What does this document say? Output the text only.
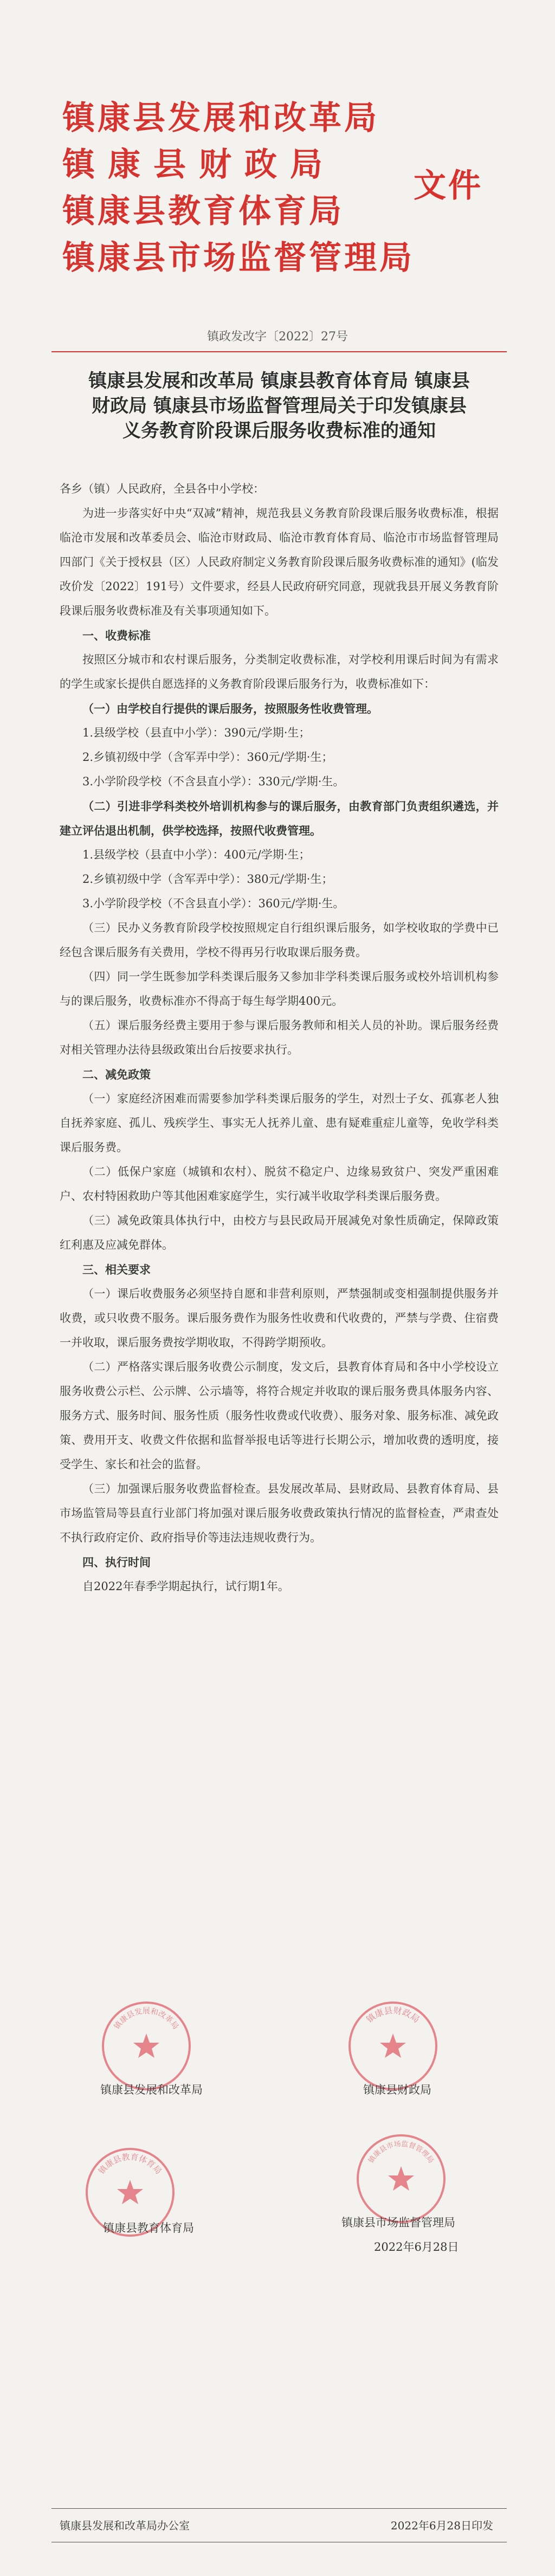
镇康县发展和改革局
镇康县财政局
镇康县教育体育局
镇康县市场监督管理局
文件
镇政发改字〔2022〕27号
镇康县发展和改革局 镇康县教育体育局 镇康县
财政局 镇康县市场监督管理局关于印发镇康县
义务教育阶段课后服务收费标准的通知

各乡（镇）人民政府，全县各中小学校：

为进一步落实好中央“双减”精神，规范我县义务教育阶段课后服务收费标准，根据临沧市发展和改革委员会、临沧市财政局、临沧市教育体育局、临沧市市场监督管理局四部门《关于授权县（区）人民政府制定义务教育阶段课后服务收费标准的通知》(临发改价发〔2022〕191号）文件要求，经县人民政府研究同意，现就我县开展义务教育阶段课后服务收费标准及有关事项通知如下。

一、收费标准

按照区分城市和农村课后服务，分类制定收费标准，对学校利用课后时间为有需求的学生或家长提供自愿选择的义务教育阶段课后服务行为，收费标准如下：

（一）由学校自行提供的课后服务，按照服务性收费管理。

1.县级学校（县直中小学）：390元/学期·生；

2.乡镇初级中学（含军弄中学）：360元/学期·生；

3.小学阶段学校（不含县直小学）：330元/学期·生。

（二）引进非学科类校外培训机构参与的课后服务，由教育部门负责组织遴选，并建立评估退出机制，供学校选择，按照代收费管理。

1.县级学校（县直中小学）：400元/学期·生；

2.乡镇初级中学（含军弄中学）：380元/学期·生；

3.小学阶段学校（不含县直小学）：360元/学期·生。

（三）民办义务教育阶段学校按照规定自行组织课后服务，如学校收取的学费中已经包含课后服务有关费用，学校不得再另行收取课后服务费。

（四）同一学生既参加学科类课后服务又参加非学科类课后服务或校外培训机构参与的课后服务，收费标准亦不得高于每生每学期400元。

（五）课后服务经费主要用于参与课后服务教师和相关人员的补助。课后服务经费对相关管理办法待县级政策出台后按要求执行。

二、减免政策

（一）家庭经济困难而需要参加学科类课后服务的学生，对烈士子女、孤寡老人独自抚养家庭、孤儿、残疾学生、事实无人抚养儿童、患有疑难重症儿童等，免收学科类课后服务费。

（二）低保户家庭（城镇和农村）、脱贫不稳定户、边缘易致贫户、突发严重困难户、农村特困救助户等其他困难家庭学生，实行减半收取学科类课后服务费。

（三）减免政策具体执行中，由校方与县民政局开展减免对象性质确定，保障政策红利惠及应减免群体。

三、相关要求

（一）课后收费服务必须坚持自愿和非营利原则，严禁强制或变相强制提供服务并收费，或只收费不服务。课后服务费作为服务性收费和代收费的，严禁与学费、住宿费一并收取，课后服务费按学期收取，不得跨学期预收。

（二）严格落实课后服务收费公示制度，发文后，县教育体育局和各中小学校设立服务收费公示栏、公示牌、公示墙等，将符合规定并收取的课后服务费具体服务内容、服务方式、服务时间、服务性质（服务性收费或代收费）、服务对象、服务标准、减免政策、费用开支、收费文件依据和监督举报电话等进行长期公示，增加收费的透明度，接受学生、家长和社会的监督。

（三）加强课后服务收费监督检查。县发展改革局、县财政局、县教育体育局、县市场监管局等县直行业部门将加强对课后服务收费政策执行情况的监督检查，严肃查处不执行政府定价、政府指导价等违法违规收费行为。

四、执行时间

自2022年春季学期起执行，试行期1年。

镇康县发展和改革局
镇康县发展和改革局
镇康县财政局
镇康县财政局
镇康县教育体育局
镇康县教育体育局
镇康县市场监督管理局
镇康县市场监督管理局
2022年6月28日
镇康县发展和改革局办公室	2022年6月28日印发
